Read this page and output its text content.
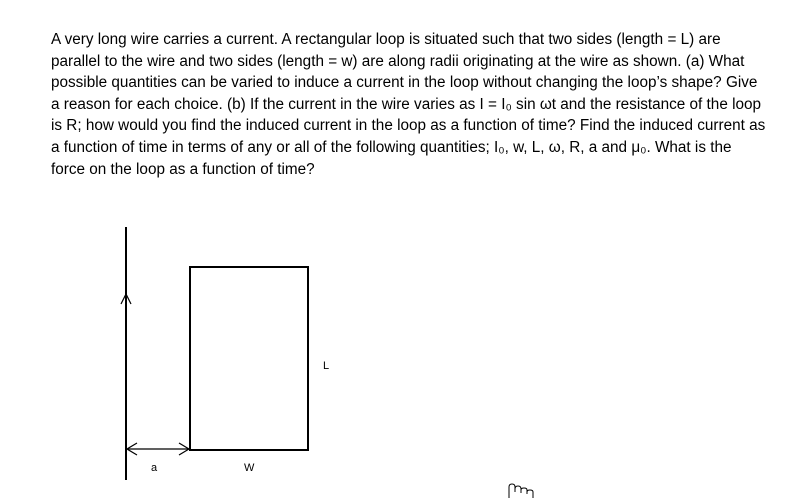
A very long wire carries a current. A rectangular loop is situated such that two sides (length = L) are parallel to the wire and two sides (length = w) are along radii originating at the wire as shown. (a) What possible quantities can be varied to induce a current in the loop without changing the loop’s shape? Give a reason for each choice. (b) If the current in the wire varies as I = I₀ sin ωt and the resistance of the loop is R; how would you find the induced current in the loop as a function of time? Find the induced current as a function of time in terms of any or all of the following quantities; I₀, w, L, ω, R, a and μ₀. What is the force on the loop as a function of time?

a	W
L
